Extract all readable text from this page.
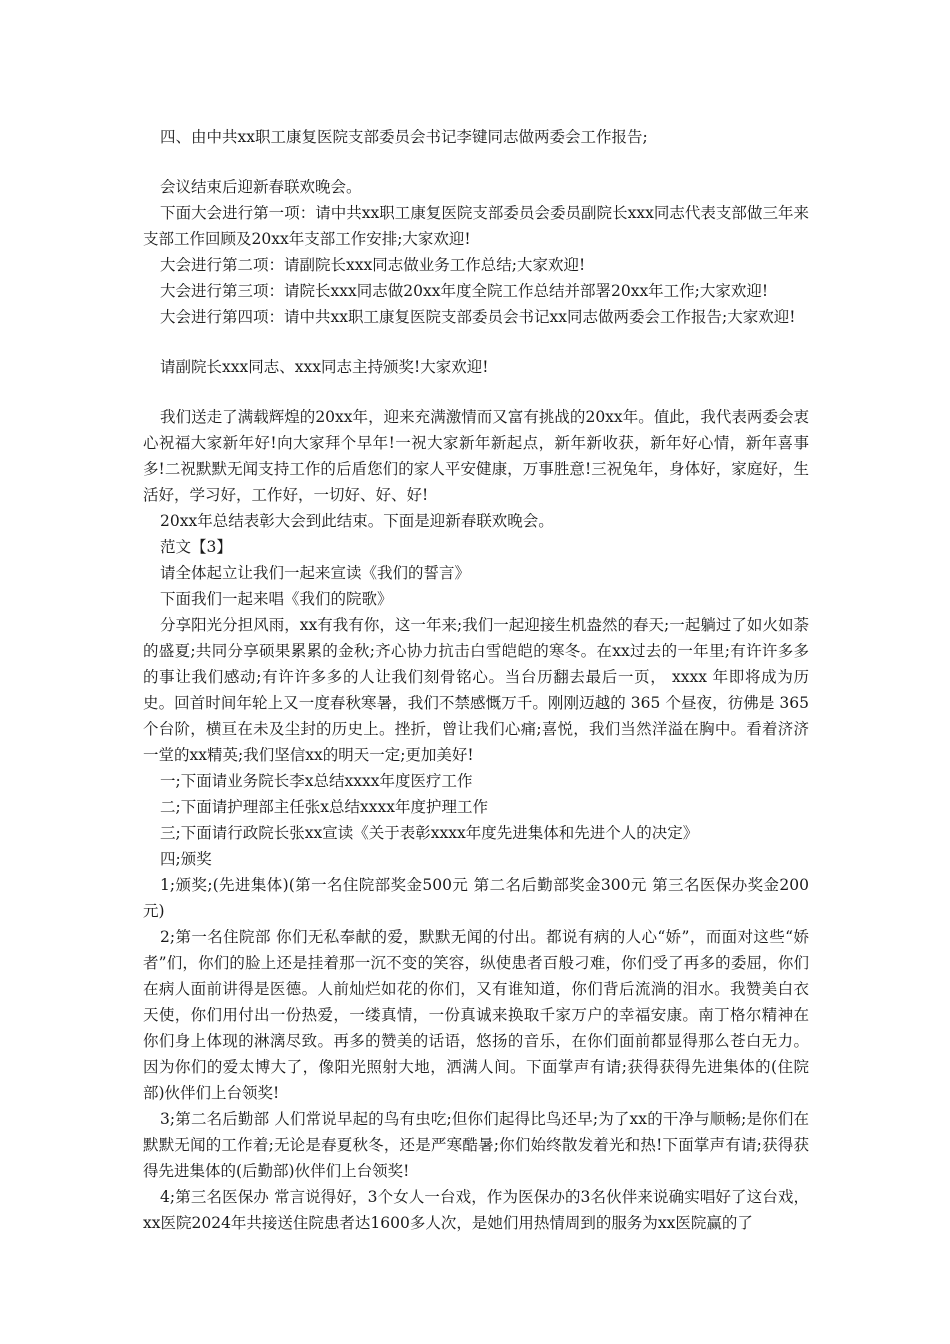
四、由中共xx职工康复医院支部委员会书记李键同志做两委会工作报告;

会议结束后迎新春联欢晚会。

下面大会进行第一项：请中共xx职工康复医院支部委员会委员副院长xxx同志代表支部做三年来支部工作回顾及20xx年支部工作安排;大家欢迎!

大会进行第二项：请副院长xxx同志做业务工作总结;大家欢迎!

大会进行第三项：请院长xxx同志做20xx年度全院工作总结并部署20xx年工作;大家欢迎!

大会进行第四项：请中共xx职工康复医院支部委员会书记xx同志做两委会工作报告;大家欢迎!

请副院长xxx同志、xxx同志主持颁奖!大家欢迎!

我们送走了满载辉煌的20xx年，迎来充满激情而又富有挑战的20xx年。值此，我代表两委会衷心祝福大家新年好!向大家拜个早年!一祝大家新年新起点，新年新收获，新年好心情，新年喜事多!二祝默默无闻支持工作的后盾您们的家人平安健康，万事胜意!三祝兔年，身体好，家庭好，生活好，学习好，工作好，一切好、好、好!

20xx年总结表彰大会到此结束。下面是迎新春联欢晚会。

范文【3】

请全体起立让我们一起来宣读《我们的誓言》

下面我们一起来唱《我们的院歌》

分享阳光分担风雨，xx有我有你，这一年来;我们一起迎接生机盎然的春天;一起躺过了如火如荼的盛夏;共同分享硕果累累的金秋;齐心协力抗击白雪皑皑的寒冬。在xx过去的一年里;有许许多多的事让我们感动;有许许多多的人让我们刻骨铭心。当台历翻去最后一页， xxxx 年即将成为历史。回首时间年轮上又一度春秋寒暑，我们不禁感慨万千。刚刚迈越的 365 个昼夜，彷佛是 365 个台阶，横亘在未及尘封的历史上。挫折，曾让我们心痛;喜悦，我们当然洋溢在胸中。看着济济一堂的xx精英;我们坚信xx的明天一定;更加美好!

一;下面请业务院长李x总结xxxx年度医疗工作

二;下面请护理部主任张x总结xxxx年度护理工作

三;下面请行政院长张xx宣读《关于表彰xxxx年度先进集体和先进个人的决定》

四;颁奖

1;颁奖;(先进集体)(第一名住院部奖金500元 第二名后勤部奖金300元 第三名医保办奖金200元)

2;第一名住院部 你们无私奉献的爱，默默无闻的付出。都说有病的人心“娇”，而面对这些“娇者”们，你们的脸上还是挂着那一沉不变的笑容，纵使患者百般刁难，你们受了再多的委屈，你们在病人面前讲得是医德。人前灿烂如花的你们，又有谁知道，你们背后流淌的泪水。我赞美白衣天使，你们用付出一份热爱，一缕真情，一份真诚来换取千家万户的幸福安康。南丁格尔精神在你们身上体现的淋漓尽致。再多的赞美的话语，悠扬的音乐，在你们面前都显得那么苍白无力。因为你们的爱太博大了，像阳光照射大地，洒满人间。下面掌声有请;获得获得先进集体的(住院部)伙伴们上台领奖!

3;第二名后勤部 人们常说早起的鸟有虫吃;但你们起得比鸟还早;为了xx的干净与顺畅;是你们在默默无闻的工作着;无论是春夏秋冬，还是严寒酷暑;你们始终散发着光和热!下面掌声有请;获得获得先进集体的(后勤部)伙伴们上台领奖!

4;第三名医保办 常言说得好，3个女人一台戏，作为医保办的3名伙伴来说确实唱好了这台戏，xx医院2024年共接送住院患者达1600多人次，是她们用热情周到的服务为xx医院赢的了
